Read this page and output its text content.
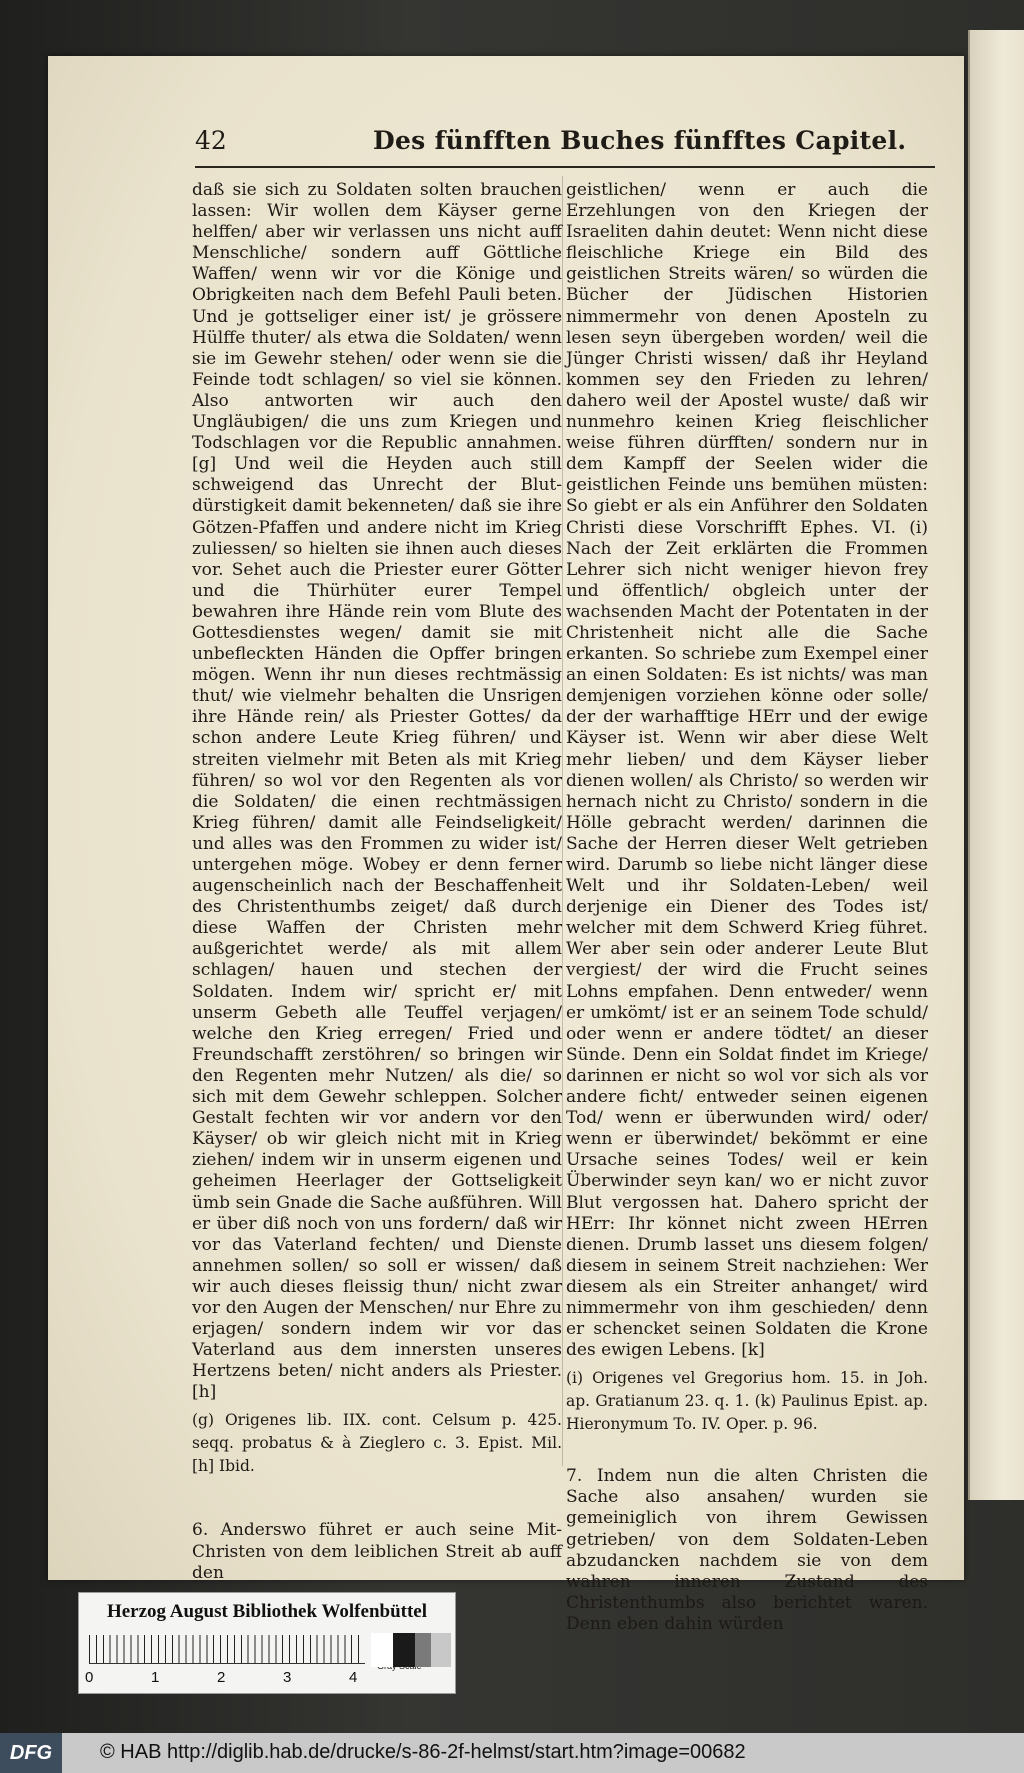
42	Des fünfften Buches fünfftes Capitel.

daß sie sich zu Soldaten solten brauchen lassen: Wir wollen dem Käyser gerne helffen/ aber wir verlassen uns nicht auff Menschliche/ sondern auff Göttliche Waffen/ wenn wir vor die Könige und Obrigkeiten nach dem Befehl Pauli beten. Und je gottseliger einer ist/ je grössere Hülffe thuter/ als etwa die Soldaten/ wenn sie im Gewehr stehen/ oder wenn sie die Feinde todt schlagen/ so viel sie können. Also antworten wir auch den Ungläubigen/ die uns zum Kriegen und Todschlagen vor die Republic annahmen. [g] Und weil die Heyden auch still schweigend das Unrecht der Blut-dürstigkeit damit bekenneten/ daß sie ihre Götzen-Pfaffen und andere nicht im Krieg zuliessen/ so hielten sie ihnen auch dieses vor. Sehet auch die Priester eurer Götter und die Thürhüter eurer Tempel bewahren ihre Hände rein vom Blute des Gottesdienstes wegen/ damit sie mit unbefleckten Händen die Opffer bringen mögen. Wenn ihr nun dieses rechtmässig thut/ wie vielmehr behalten die Unsrigen ihre Hände rein/ als Priester Gottes/ da schon andere Leute Krieg führen/ und streiten vielmehr mit Beten als mit Krieg führen/ so wol vor den Regenten als vor die Soldaten/ die einen rechtmässigen Krieg führen/ damit alle Feindseligkeit/ und alles was den Frommen zu wider ist/ untergehen möge. Wobey er denn ferner augenscheinlich nach der Beschaffenheit des Christenthumbs zeiget/ daß durch diese Waffen der Christen mehr außgerichtet werde/ als mit allem schlagen/ hauen und stechen der Soldaten. Indem wir/ spricht er/ mit unserm Gebeth alle Teuffel verjagen/ welche den Krieg erregen/ Fried und Freundschafft zerstöhren/ so bringen wir den Regenten mehr Nutzen/ als die/ so sich mit dem Gewehr schleppen. Solcher Gestalt fechten wir vor andern vor den Käyser/ ob wir gleich nicht mit in Krieg ziehen/ indem wir in unserm eigenen und geheimen Heerlager der Gottseligkeit ümb sein Gnade die Sache außführen. Will er über diß noch von uns fordern/ daß wir vor das Vaterland fechten/ und Dienste annehmen sollen/ so soll er wissen/ daß wir auch dieses fleissig thun/ nicht zwar vor den Augen der Menschen/ nur Ehre zu erjagen/ sondern indem wir vor das Vaterland aus dem innersten unseres Hertzens beten/ nicht anders als Priester. [h]

(g) Origenes lib. IIX. cont. Celsum p. 425. seqq. probatus & à Zieglero c. 3. Epist. Mil. [h] Ibid.

6. Anderswo führet er auch seine Mit-Christen von dem leiblichen Streit ab auff den

geistlichen/ wenn er auch die Erzehlungen von den Kriegen der Israeliten dahin deutet: Wenn nicht diese fleischliche Kriege ein Bild des geistlichen Streits wären/ so würden die Bücher der Jüdischen Historien nimmermehr von denen Aposteln zu lesen seyn übergeben worden/ weil die Jünger Christi wissen/ daß ihr Heyland kommen sey den Frieden zu lehren/ dahero weil der Apostel wuste/ daß wir nunmehro keinen Krieg fleischlicher weise führen dürfften/ sondern nur in dem Kampff der Seelen wider die geistlichen Feinde uns bemühen müsten: So giebt er als ein Anführer den Soldaten Christi diese Vorschrifft Ephes. VI. (i) Nach der Zeit erklärten die Frommen Lehrer sich nicht weniger hievon frey und öffentlich/ obgleich unter der wachsenden Macht der Potentaten in der Christenheit nicht alle die Sache erkanten. So schriebe zum Exempel einer an einen Soldaten: Es ist nichts/ was man demjenigen vorziehen könne oder solle/ der der warhafftige HErr und der ewige Käyser ist. Wenn wir aber diese Welt mehr lieben/ und dem Käyser lieber dienen wollen/ als Christo/ so werden wir hernach nicht zu Christo/ sondern in die Hölle gebracht werden/ darinnen die Sache der Herren dieser Welt getrieben wird. Darumb so liebe nicht länger diese Welt und ihr Soldaten-Leben/ weil derjenige ein Diener des Todes ist/ welcher mit dem Schwerd Krieg führet. Wer aber sein oder anderer Leute Blut vergiest/ der wird die Frucht seines Lohns empfahen. Denn entweder/ wenn er umkömt/ ist er an seinem Tode schuld/ oder wenn er andere tödtet/ an dieser Sünde. Denn ein Soldat findet im Kriege/ darinnen er nicht so wol vor sich als vor andere ficht/ entweder seinen eigenen Tod/ wenn er überwunden wird/ oder/ wenn er überwindet/ bekömmt er eine Ursache seines Todes/ weil er kein Überwinder seyn kan/ wo er nicht zuvor Blut vergossen hat. Dahero spricht der HErr: Ihr könnet nicht zween HErren dienen. Drumb lasset uns diesem folgen/ diesem in seinem Streit nachziehen: Wer diesem als ein Streiter anhanget/ wird nimmermehr von ihm geschieden/ denn er schencket seinen Soldaten die Krone des ewigen Lebens. [k]

(i) Origenes vel Gregorius hom. 15. in Joh. ap. Gratianum 23. q. 1. (k) Paulinus Epist. ap. Hieronymum To. IV. Oper. p. 96.

7. Indem nun die alten Christen die Sache also ansahen/ wurden sie gemeiniglich von ihrem Gewissen getrieben/ von dem Soldaten-Leben abzudancken nachdem sie von dem wahren inneren Zustand des Christenthumbs also berichtet waren. Denn eben dahin würden

Herzog August Bibliothek Wolfenbüttel
0	1	2	3	4
DFG	© HAB http://diglib.hab.de/drucke/s-86-2f-helmst/start.htm?image=00682
